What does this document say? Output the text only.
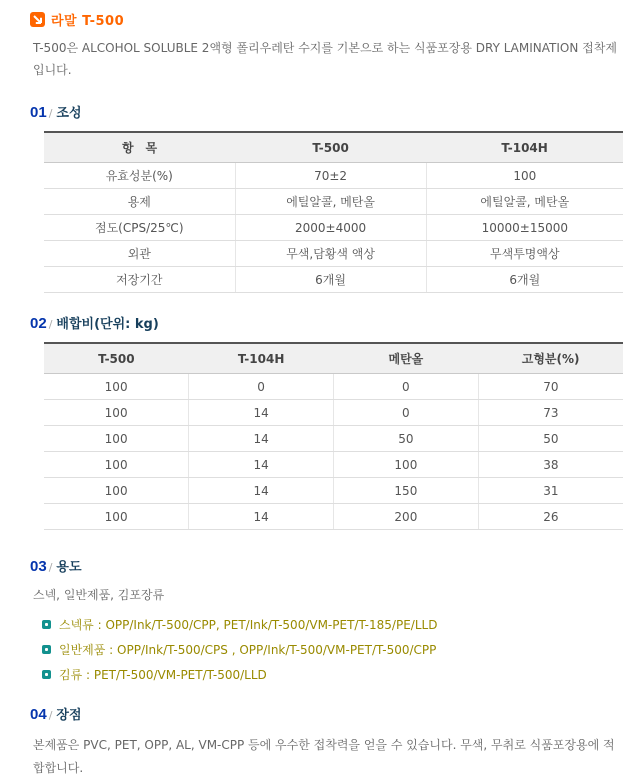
라말 T-500

T-500은 ALCOHOL SOLUBLE 2액형 폴리우레탄 수지를 기본으로 하는 식품포장용 DRY LAMINATION 접착제입니다.

01 / 조성
항　목	T-500	T-104H
유효성분(%)	70±2	100
용제	에틸알콜, 메탄올	에틸알콜, 메탄올
점도(CPS/25℃)	2000±4000	10000±15000
외관	무색,담황색 액상	무색투명액상
저장기간	6개월	6개월
02 / 배합비(단위: kg)
T-500	T-104H	메탄올	고형분(%)
100	0	0	70
100	14	0	73
100	14	50	50
100	14	100	38
100	14	150	31
100	14	200	26
03 / 용도

스넥, 일반제품, 김포장류

스넥류 : OPP/Ink/T-500/CPP, PET/Ink/T-500/VM-PET/T-185/PE/LLD
일반제품 : OPP/Ink/T-500/CPS , OPP/Ink/T-500/VM-PET/T-500/CPP
김류 : PET/T-500/VM-PET/T-500/LLD
04 / 장점

본제품은 PVC, PET, OPP, AL, VM-CPP 등에 우수한 접착력을 얻을 수 있습니다. 무색, 무취로 식품포장용에 적합합니다.
